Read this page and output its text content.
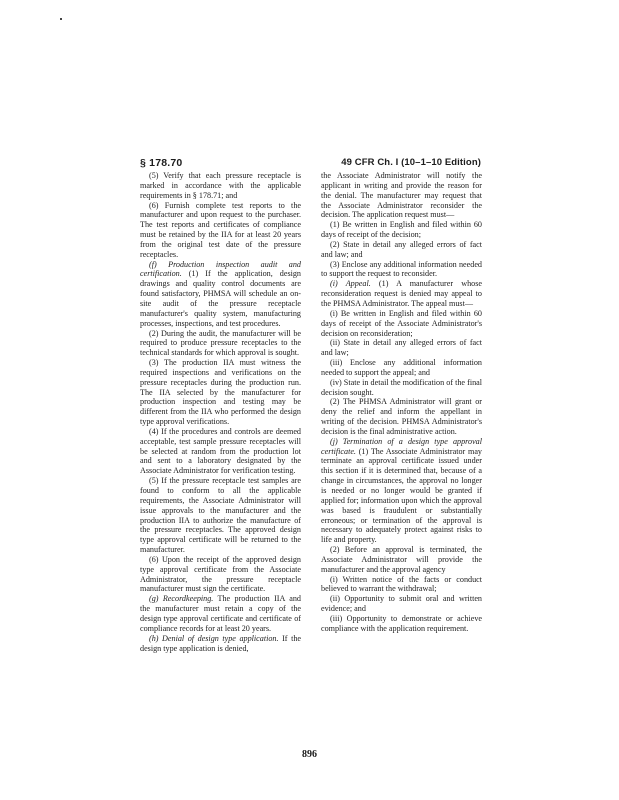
§ 178.70	49 CFR Ch. I (10–1–10 Edition)

(5) Verify that each pressure receptacle is marked in accordance with the applicable requirements in § 178.71; and

(6) Furnish complete test reports to the manufacturer and upon request to the purchaser. The test reports and certificates of compliance must be retained by the IIA for at least 20 years from the original test date of the pressure receptacles.

(f) Production inspection audit and certification. (1) If the application, design drawings and quality control documents are found satisfactory, PHMSA will schedule an on-site audit of the pressure receptacle manufacturer's quality system, manufacturing processes, inspections, and test procedures.

(2) During the audit, the manufacturer will be required to produce pressure receptacles to the technical standards for which approval is sought.

(3) The production IIA must witness the required inspections and verifications on the pressure receptacles during the production run. The IIA selected by the manufacturer for production inspection and testing may be different from the IIA who performed the design type approval verifications.

(4) If the procedures and controls are deemed acceptable, test sample pressure receptacles will be selected at random from the production lot and sent to a laboratory designated by the Associate Administrator for verification testing.

(5) If the pressure receptacle test samples are found to conform to all the applicable requirements, the Associate Administrator will issue approvals to the manufacturer and the production IIA to authorize the manufacture of the pressure receptacles. The approved design type approval certificate will be returned to the manufacturer.

(6) Upon the receipt of the approved design type approval certificate from the Associate Administrator, the pressure receptacle manufacturer must sign the certificate.

(g) Recordkeeping. The production IIA and the manufacturer must retain a copy of the design type approval certificate and certificate of compliance records for at least 20 years.

(h) Denial of design type application. If the design type application is denied,

the Associate Administrator will notify the applicant in writing and provide the reason for the denial. The manufacturer may request that the Associate Administrator reconsider the decision. The application request must—

(1) Be written in English and filed within 60 days of receipt of the decision;

(2) State in detail any alleged errors of fact and law; and

(3) Enclose any additional information needed to support the request to reconsider.

(i) Appeal. (1) A manufacturer whose reconsideration request is denied may appeal to the PHMSA Administrator. The appeal must—

(i) Be written in English and filed within 60 days of receipt of the Associate Administrator's decision on reconsideration;

(ii) State in detail any alleged errors of fact and law;

(iii) Enclose any additional information needed to support the appeal; and

(iv) State in detail the modification of the final decision sought.

(2) The PHMSA Administrator will grant or deny the relief and inform the appellant in writing of the decision. PHMSA Administrator's decision is the final administrative action.

(j) Termination of a design type approval certificate. (1) The Associate Administrator may terminate an approval certificate issued under this section if it is determined that, because of a change in circumstances, the approval no longer is needed or no longer would be granted if applied for; information upon which the approval was based is fraudulent or substantially erroneous; or termination of the approval is necessary to adequately protect against risks to life and property.

(2) Before an approval is terminated, the Associate Administrator will provide the manufacturer and the approval agency

(i) Written notice of the facts or conduct believed to warrant the withdrawal;

(ii) Opportunity to submit oral and written evidence; and

(iii) Opportunity to demonstrate or achieve compliance with the application requirement.

896
